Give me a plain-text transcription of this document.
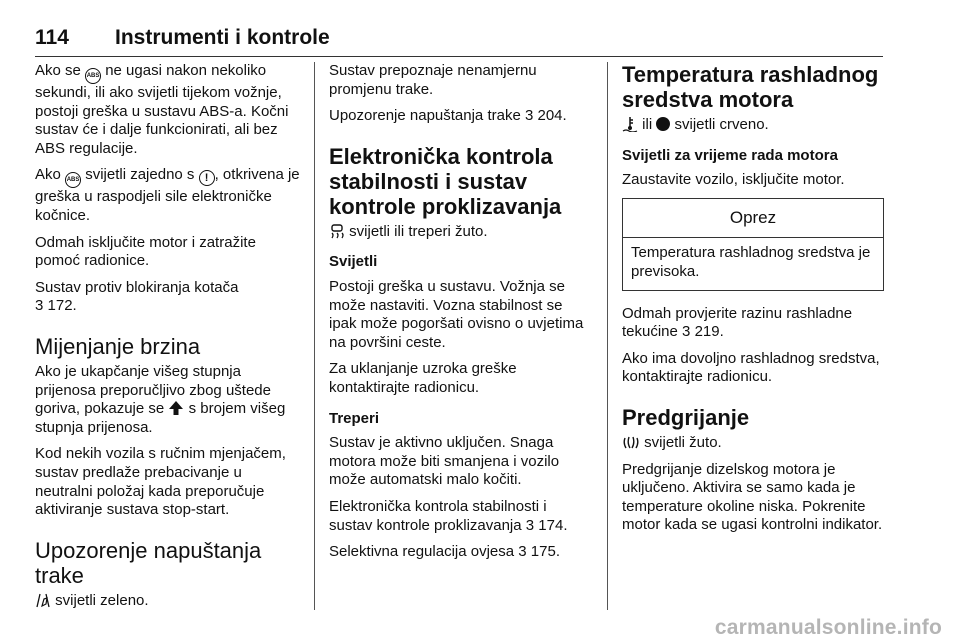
114 Instrumenti i kontrole

Ako se ABS ne ugasi nakon nekoliko sekundi, ili ako svijetli tijekom vožnje, postoji greška u sustavu ABS-a. Kočni sustav će i dalje funkcionirati, ali bez ABS regulacije.

Ako ABS svijetli zajedno s ! , otkrivena je greška u raspodjeli sile elektroničke kočnice.

Odmah isključite motor i zatražite pomoć radionice.

Sustav protiv blokiranja kotača
3 172.

Mijenjanje brzina

Ako je ukapčanje višeg stupnja prijenosa preporučljivo zbog uštede goriva, pokazuje se s brojem višeg stupnja prijenosa.

Kod nekih vozila s ručnim mjenjačem, sustav predlaže prebacivanje u neutralni položaj kada preporučuje aktiviranje sustava stop-start.

Upozorenje napuštanja trake

svijetli zeleno.

Sustav prepoznaje nenamjernu promjenu trake.

Upozorenje napuštanja trake 3 204.

Elektronička kontrola stabilnosti i sustav kontrole proklizavanja

svijetli ili treperi žuto.

Svijetli

Postoji greška u sustavu. Vožnja se može nastaviti. Vozna stabilnost se ipak može pogoršati ovisno o uvjetima na površini ceste.

Za uklanjanje uzroka greške kontaktirajte radionicu.

Treperi

Sustav je aktivno uključen. Snaga motora može biti smanjena i vozilo može automatski malo kočiti.

Elektronička kontrola stabilnosti i sustav kontrole proklizavanja 3 174.

Selektivna regulacija ovjesa 3 175.

Temperatura rashladnog sredstva motora

ili svijetli crveno.

Svijetli za vrijeme rada motora

Zaustavite vozilo, isključite motor.

Oprez
Temperatura rashladnog sredstva je previsoka.

Odmah provjerite razinu rashladne tekućine 3 219.

Ako ima dovoljno rashladnog sredstva, kontaktirajte radionicu.

Predgrijanje

svijetli žuto.

Predgrijanje dizelskog motora je uključeno. Aktivira se samo kada je temperature okoline niska. Pokrenite motor kada se ugasi kontrolni indikator.

carmanualsonline.info
